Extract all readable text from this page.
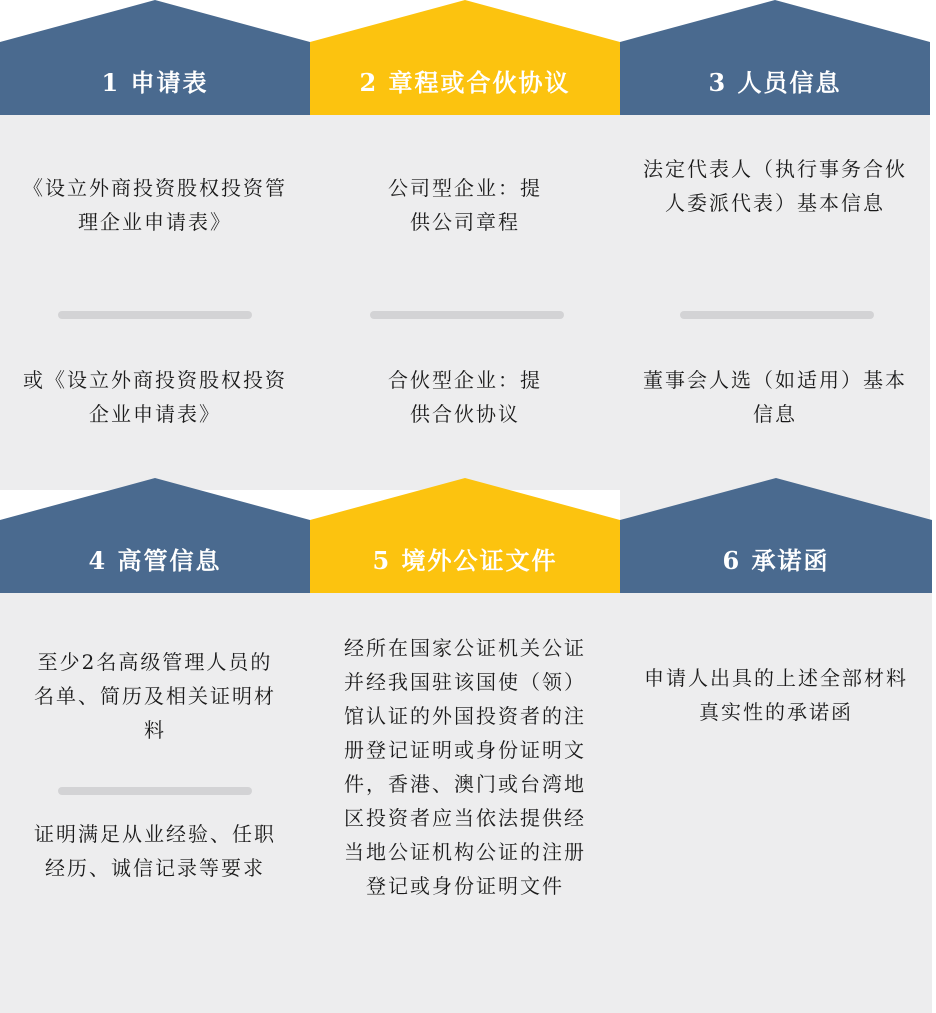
1 申请表
《设立外商投资股权投资管理企业申请表》
或《设立外商投资股权投资企业申请表》
2 章程或合伙协议
公司型企业：提供公司章程
合伙型企业：提供合伙协议
3 人员信息
法定代表人（执行事务合伙人委派代表）基本信息
董事会人选（如适用）基本信息
4 高管信息
至少2名高级管理人员的名单、简历及相关证明材料
证明满足从业经验、任职经历、诚信记录等要求
5 境外公证文件
经所在国家公证机关公证并经我国驻该国使（领）馆认证的外国投资者的注册登记证明或身份证明文件，香港、澳门或台湾地区投资者应当依法提供经当地公证机构公证的注册登记或身份证明文件
6 承诺函
申请人出具的上述全部材料真实性的承诺函
